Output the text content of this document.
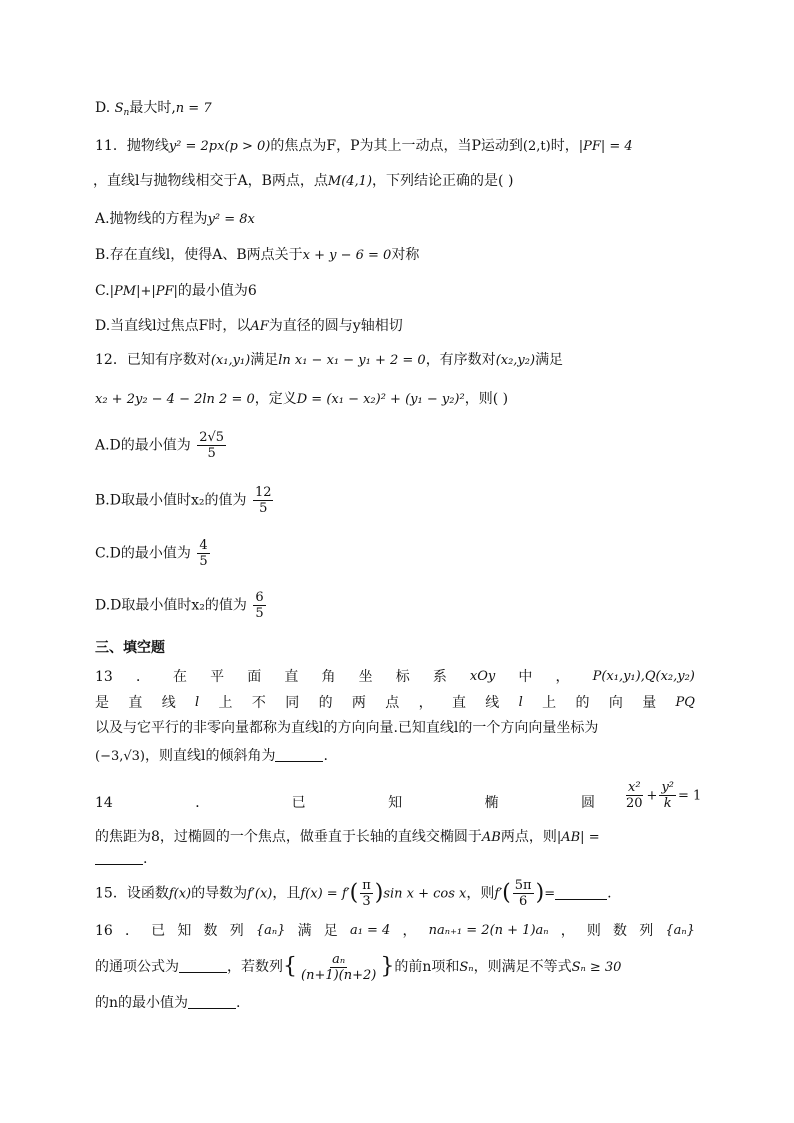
D. $S_n$最大时,n = 7
11．抛物线y² = 2px(p > 0)的焦点为F，P为其上一动点，当P运动到(2,t)时，|PF| = 4
，直线l与抛物线相交于A，B两点，点M(4,1)，下列结论正确的是( )
A.抛物线的方程为y² = 8x
B.存在直线l，使得A、B两点关于x + y − 6 = 0对称
C.|PM|+|PF|的最小值为6
D.当直线l过焦点F时，以AF为直径的圆与y轴相切
12．已知有序数对(x₁,y₁)满足ln x₁ − x₁ − y₁ + 2 = 0，有序数对(x₂,y₂)满足
x₂ + 2y₂ − 4 − 2ln 2 = 0，定义D = (x₁ − x₂)² + (y₁ − y₂)²，则( )
A.D的最小值为 $\frac{2√5}{5}$
B.D取最小值时x₂的值为 $\frac{12}{5}$
C.D的最小值为 $\frac{4}{5}$
D.D取最小值时x₂的值为 $\frac{6}{5}$
三、填空题
13 ． 在 平 面 直 角 坐 标 系 xOy 中 ， P(x₁,y₁),Q(x₂,y₂)
是 直 线 l 上 不 同 的 两 点 ， 直 线 l 上 的 向 量 PQ
以及与它平行的非零向量都称为直线l的方向向量.已知直线l的一个方向向量坐标为
(−3,√3)，则直线l的倾斜角为	.
14	．	已	知	椭	圆 $\frac{\text{x²}}{20} + \frac{\text{y²}}{k} = 1$
的焦距为8，过椭圆的一个焦点，做垂直于长轴的直线交椭圆于AB两点，则|AB| =
.
15．设函数f(x)的导数为f′(x)，且$f(x) = f'( \frac{\pi}{3} )\sin$ x + cos x，则$f'( \frac{5\pi}{6}$ )=	.
16 ． 已 知 数 列 {aₙ} 满 足 a₁ = 4 ， naₙ₊₁ = 2(n + 1)aₙ ， 则 数 列 {aₙ}
的通项公式为	，若数列{ $\frac{\text{aₙ}}{(n+1)(n+2)}$ }的前n项和Sₙ，则满足不等式Sₙ ≥ 30
的n的最小值为	.
